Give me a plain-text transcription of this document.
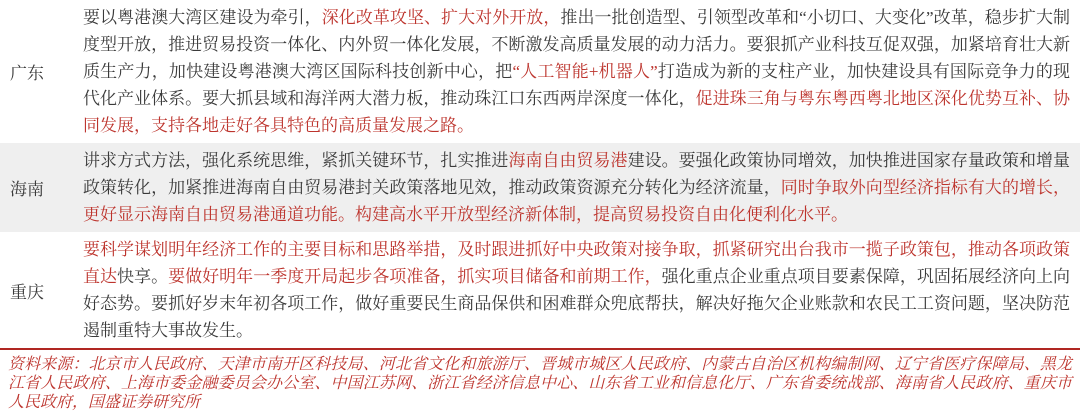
广东
要以粤港澳大湾区建设为牵引，深化改革攻坚、扩大对外开放，推出一批创造型、引领型改革和“小切口、大变化”改革，稳步扩大制度型开放，推进贸易投资一体化、内外贸一体化发展，不断激发高质量发展的动力活力。要狠抓产业科技互促双强，加紧培育壮大新质生产力，加快建设粤港澳大湾区国际科技创新中心，把“人工智能+机器人”打造成为新的支柱产业，加快建设具有国际竞争力的现代化产业体系。要大抓县域和海洋两大潜力板，推动珠江口东西两岸深度一体化，促进珠三角与粤东粤西粤北地区深化优势互补、协同发展，支持各地走好各具特色的高质量发展之路。
海南
讲求方式方法，强化系统思维，紧抓关键环节，扎实推进海南自由贸易港建设。要强化政策协同增效，加快推进国家存量政策和增量政策转化，加紧推进海南自由贸易港封关政策落地见效，推动政策资源充分转化为经济流量，同时争取外向型经济指标有大的增长，更好显示海南自由贸易港通道功能。构建高水平开放型经济新体制，提高贸易投资自由化便利化水平。
重庆
要科学谋划明年经济工作的主要目标和思路举措，及时跟进抓好中央政策对接争取，抓紧研究出台我市一揽子政策包，推动各项政策直达快享。要做好明年一季度开局起步各项准备，抓实项目储备和前期工作，强化重点企业重点项目要素保障，巩固拓展经济向上向好态势。要抓好岁末年初各项工作，做好重要民生商品保供和困难群众兜底帮扶，解决好拖欠企业账款和农民工工资问题，坚决防范遏制重特大事故发生。
资料来源：北京市人民政府、天津市南开区科技局、河北省文化和旅游厅、晋城市城区人民政府、内蒙古自治区机构编制网、辽宁省医疗保障局、黑龙江省人民政府、上海市委金融委员会办公室、中国江苏网、浙江省经济信息中心、山东省工业和信息化厅、广东省委统战部、海南省人民政府、重庆市人民政府，国盛证券研究所
